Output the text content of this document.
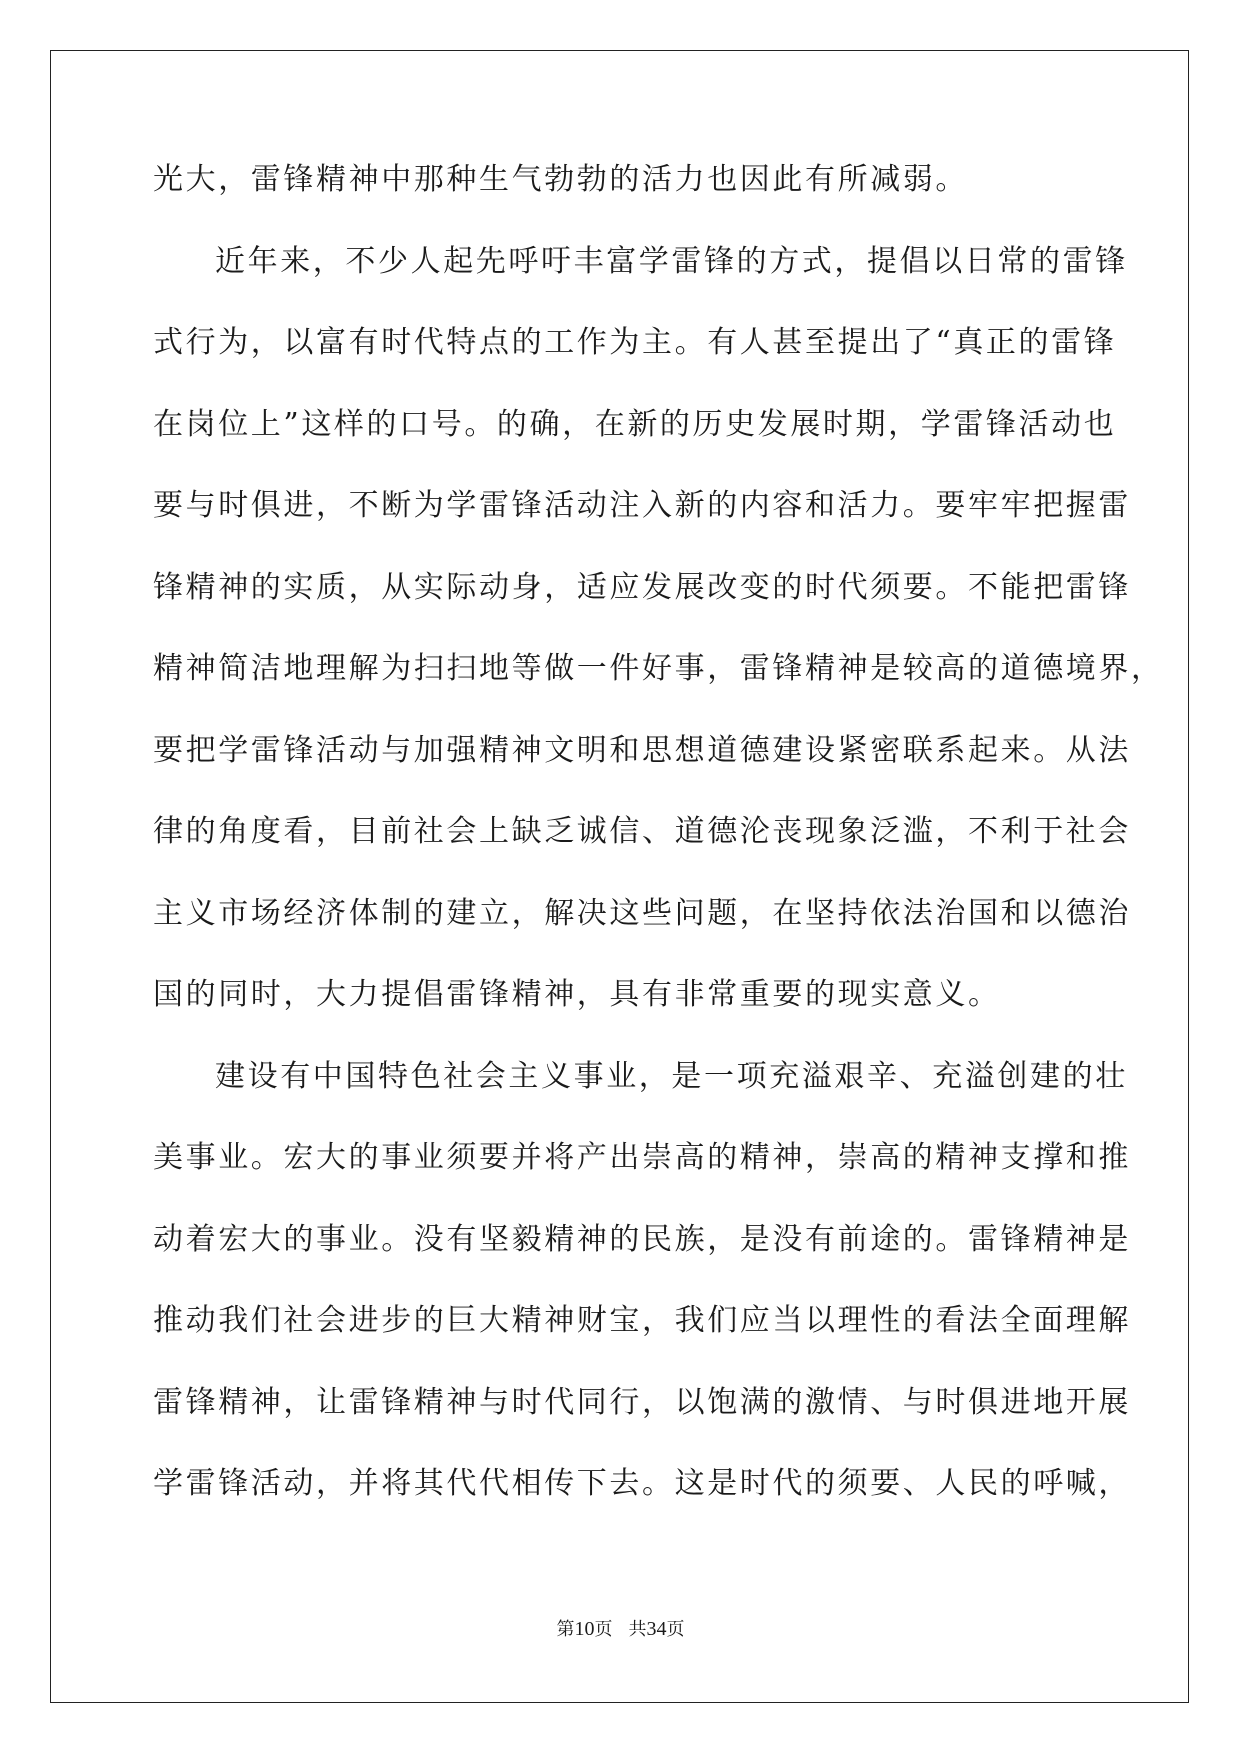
光大，雷锋精神中那种生气勃勃的活力也因此有所减弱。
近年来，不少人起先呼吁丰富学雷锋的方式，提倡以日常的雷锋
式行为，以富有时代特点的工作为主。有人甚至提出了“真正的雷锋
在岗位上”这样的口号。的确，在新的历史发展时期，学雷锋活动也
要与时俱进，不断为学雷锋活动注入新的内容和活力。要牢牢把握雷
锋精神的实质，从实际动身，适应发展改变的时代须要。不能把雷锋
精神简洁地理解为扫扫地等做一件好事，雷锋精神是较高的道德境界，
要把学雷锋活动与加强精神文明和思想道德建设紧密联系起来。从法
律的角度看，目前社会上缺乏诚信、道德沦丧现象泛滥，不利于社会
主义市场经济体制的建立，解决这些问题，在坚持依法治国和以德治
国的同时，大力提倡雷锋精神，具有非常重要的现实意义。
建设有中国特色社会主义事业，是一项充溢艰辛、充溢创建的壮
美事业。宏大的事业须要并将产出崇高的精神，崇高的精神支撑和推
动着宏大的事业。没有坚毅精神的民族，是没有前途的。雷锋精神是
推动我们社会进步的巨大精神财宝，我们应当以理性的看法全面理解
雷锋精神，让雷锋精神与时代同行，以饱满的激情、与时俱进地开展
学雷锋活动，并将其代代相传下去。这是时代的须要、人民的呼喊，
第10页 共34页
